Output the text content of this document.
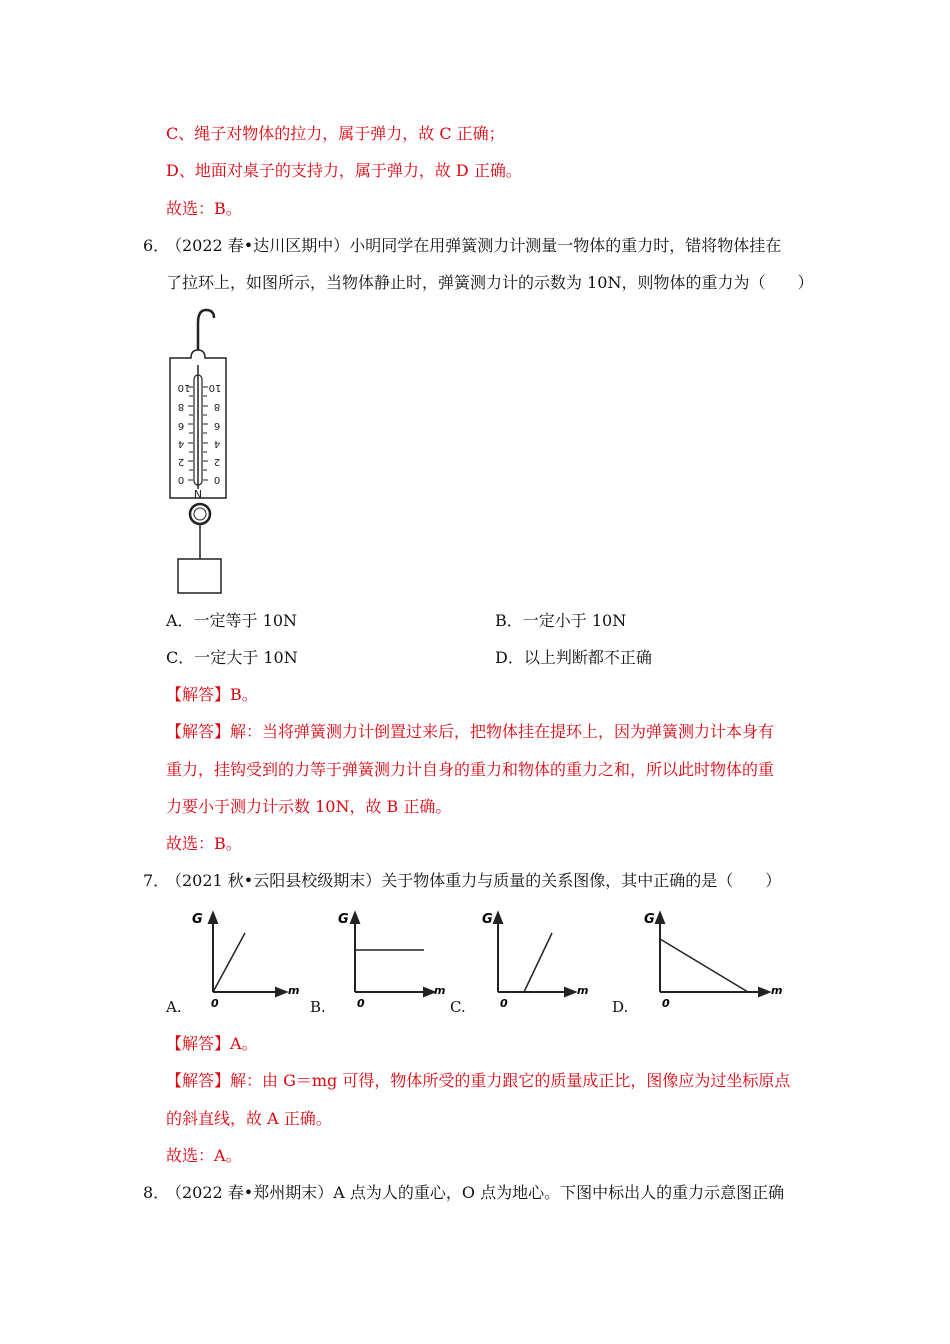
C、绳子对物体的拉力，属于弹力，故 C 正确；
D、地面对桌子的支持力，属于弹力，故 D 正确。
故选：B。
6．
（2022 春•达川区期中）小明同学在用弹簧测力计测量一物体的重力时，错将物体挂在
了拉环上，如图所示，当物体静止时，弹簧测力计的示数为 10N，则物体的重力为（　　）
10
8
6
4
2
0
10
8
6
4
2
0
N
A．一定等于 10N	B．一定小于 10N
C．一定大于 10N	D．以上判断都不正确
【解答】B。
【解答】解：当将弹簧测力计倒置过来后，把物体挂在提环上，因为弹簧测力计本身有
重力，挂钩受到的力等于弹簧测力计自身的重力和物体的重力之和，所以此时物体的重
力要小于测力计示数 10N，故 B 正确。
故选：B。
7．
（2021 秋•云阳县校级期末）关于物体重力与质量的关系图像，其中正确的是（　　）
A.
G
m
0	B.
G
m
0	C.
G
m
0	D.
G
m
0
【解答】A。
【解答】解：由 G＝mg 可得，物体所受的重力跟它的质量成正比，图像应为过坐标原点
的斜直线，故 A 正确。
故选：A。
8．
（2022 春•郑州期末）A 点为人的重心，O 点为地心。下图中标出人的重力示意图正确
